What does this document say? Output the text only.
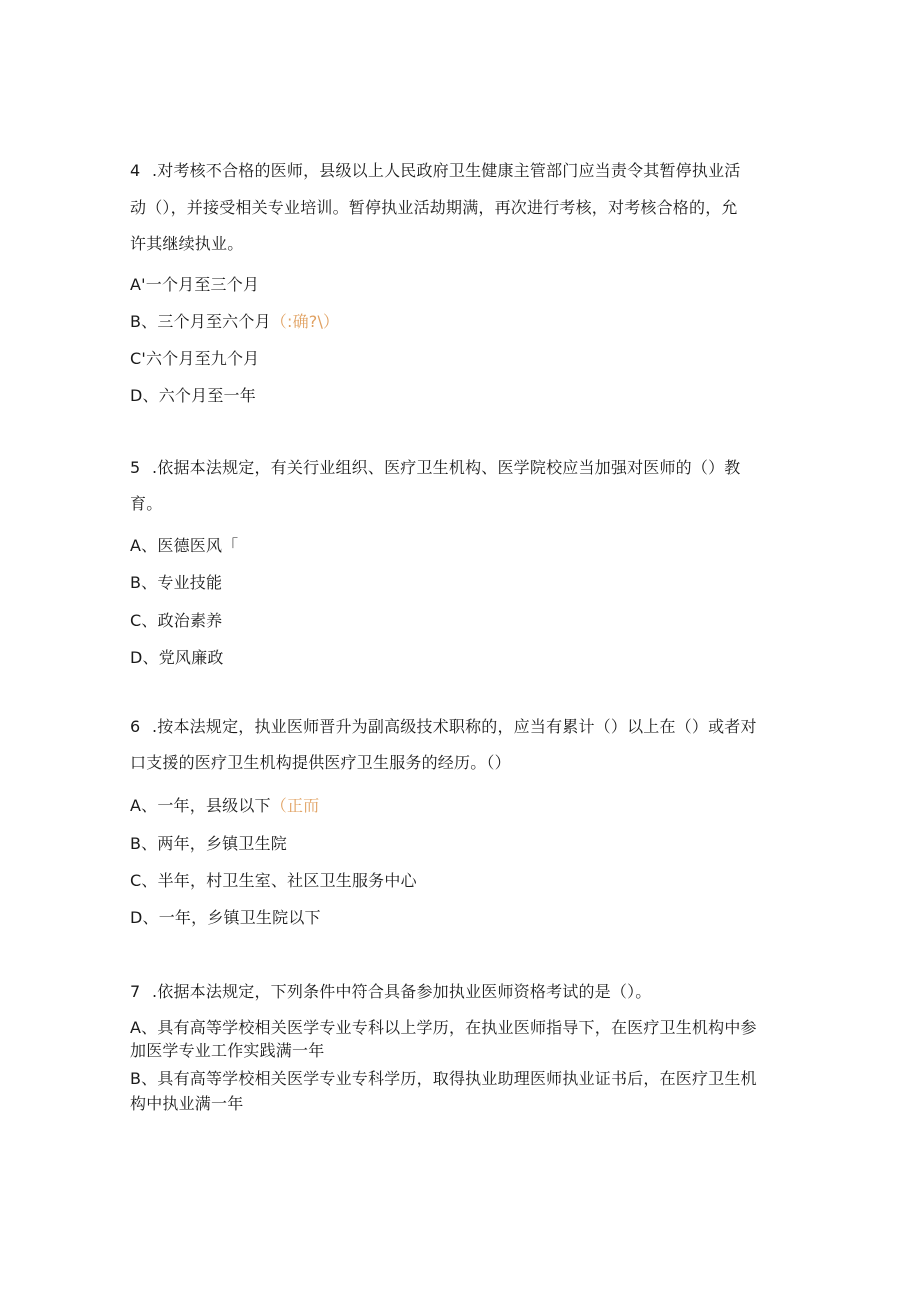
4 .对考核不合格的医师，县级以上人民政府卫生健康主管部门应当责令其暂停执业活
动（），并接受相关专业培训。暂停执业活劫期满，再次进行考核，对考核合格的，允
许其继续执业。
A'一个月至三个月
B、三个月至六个月（:确?\）
C'六个月至九个月
D、六个月至一年
5 .依据本法规定，有关行业组织、医疗卫生机构、医学院校应当加强对医师的（）教
育。
A、医德医风「
B、专业技能
C、政治素养
D、党风廉政
6 .按本法规定，执业医师晋升为副高级技术职称的，应当有累计（）以上在（）或者对
口支援的医疗卫生机构提供医疗卫生服务的经历。（）
A、一年，县级以下（正而
B、两年，乡镇卫生院
C、半年，村卫生室、社区卫生服务中心
D、一年，乡镇卫生院以下
7 .依据本法规定，下列条件中符合具备参加执业医师资格考试的是（）。
A、具有高等学校相关医学专业专科以上学历，在执业医师指导下，在医疗卫生机构中参
加医学专业工作实践满一年
B、具有高等学校相关医学专业专科学历，取得执业助理医师执业证书后，在医疗卫生机
构中执业满一年
